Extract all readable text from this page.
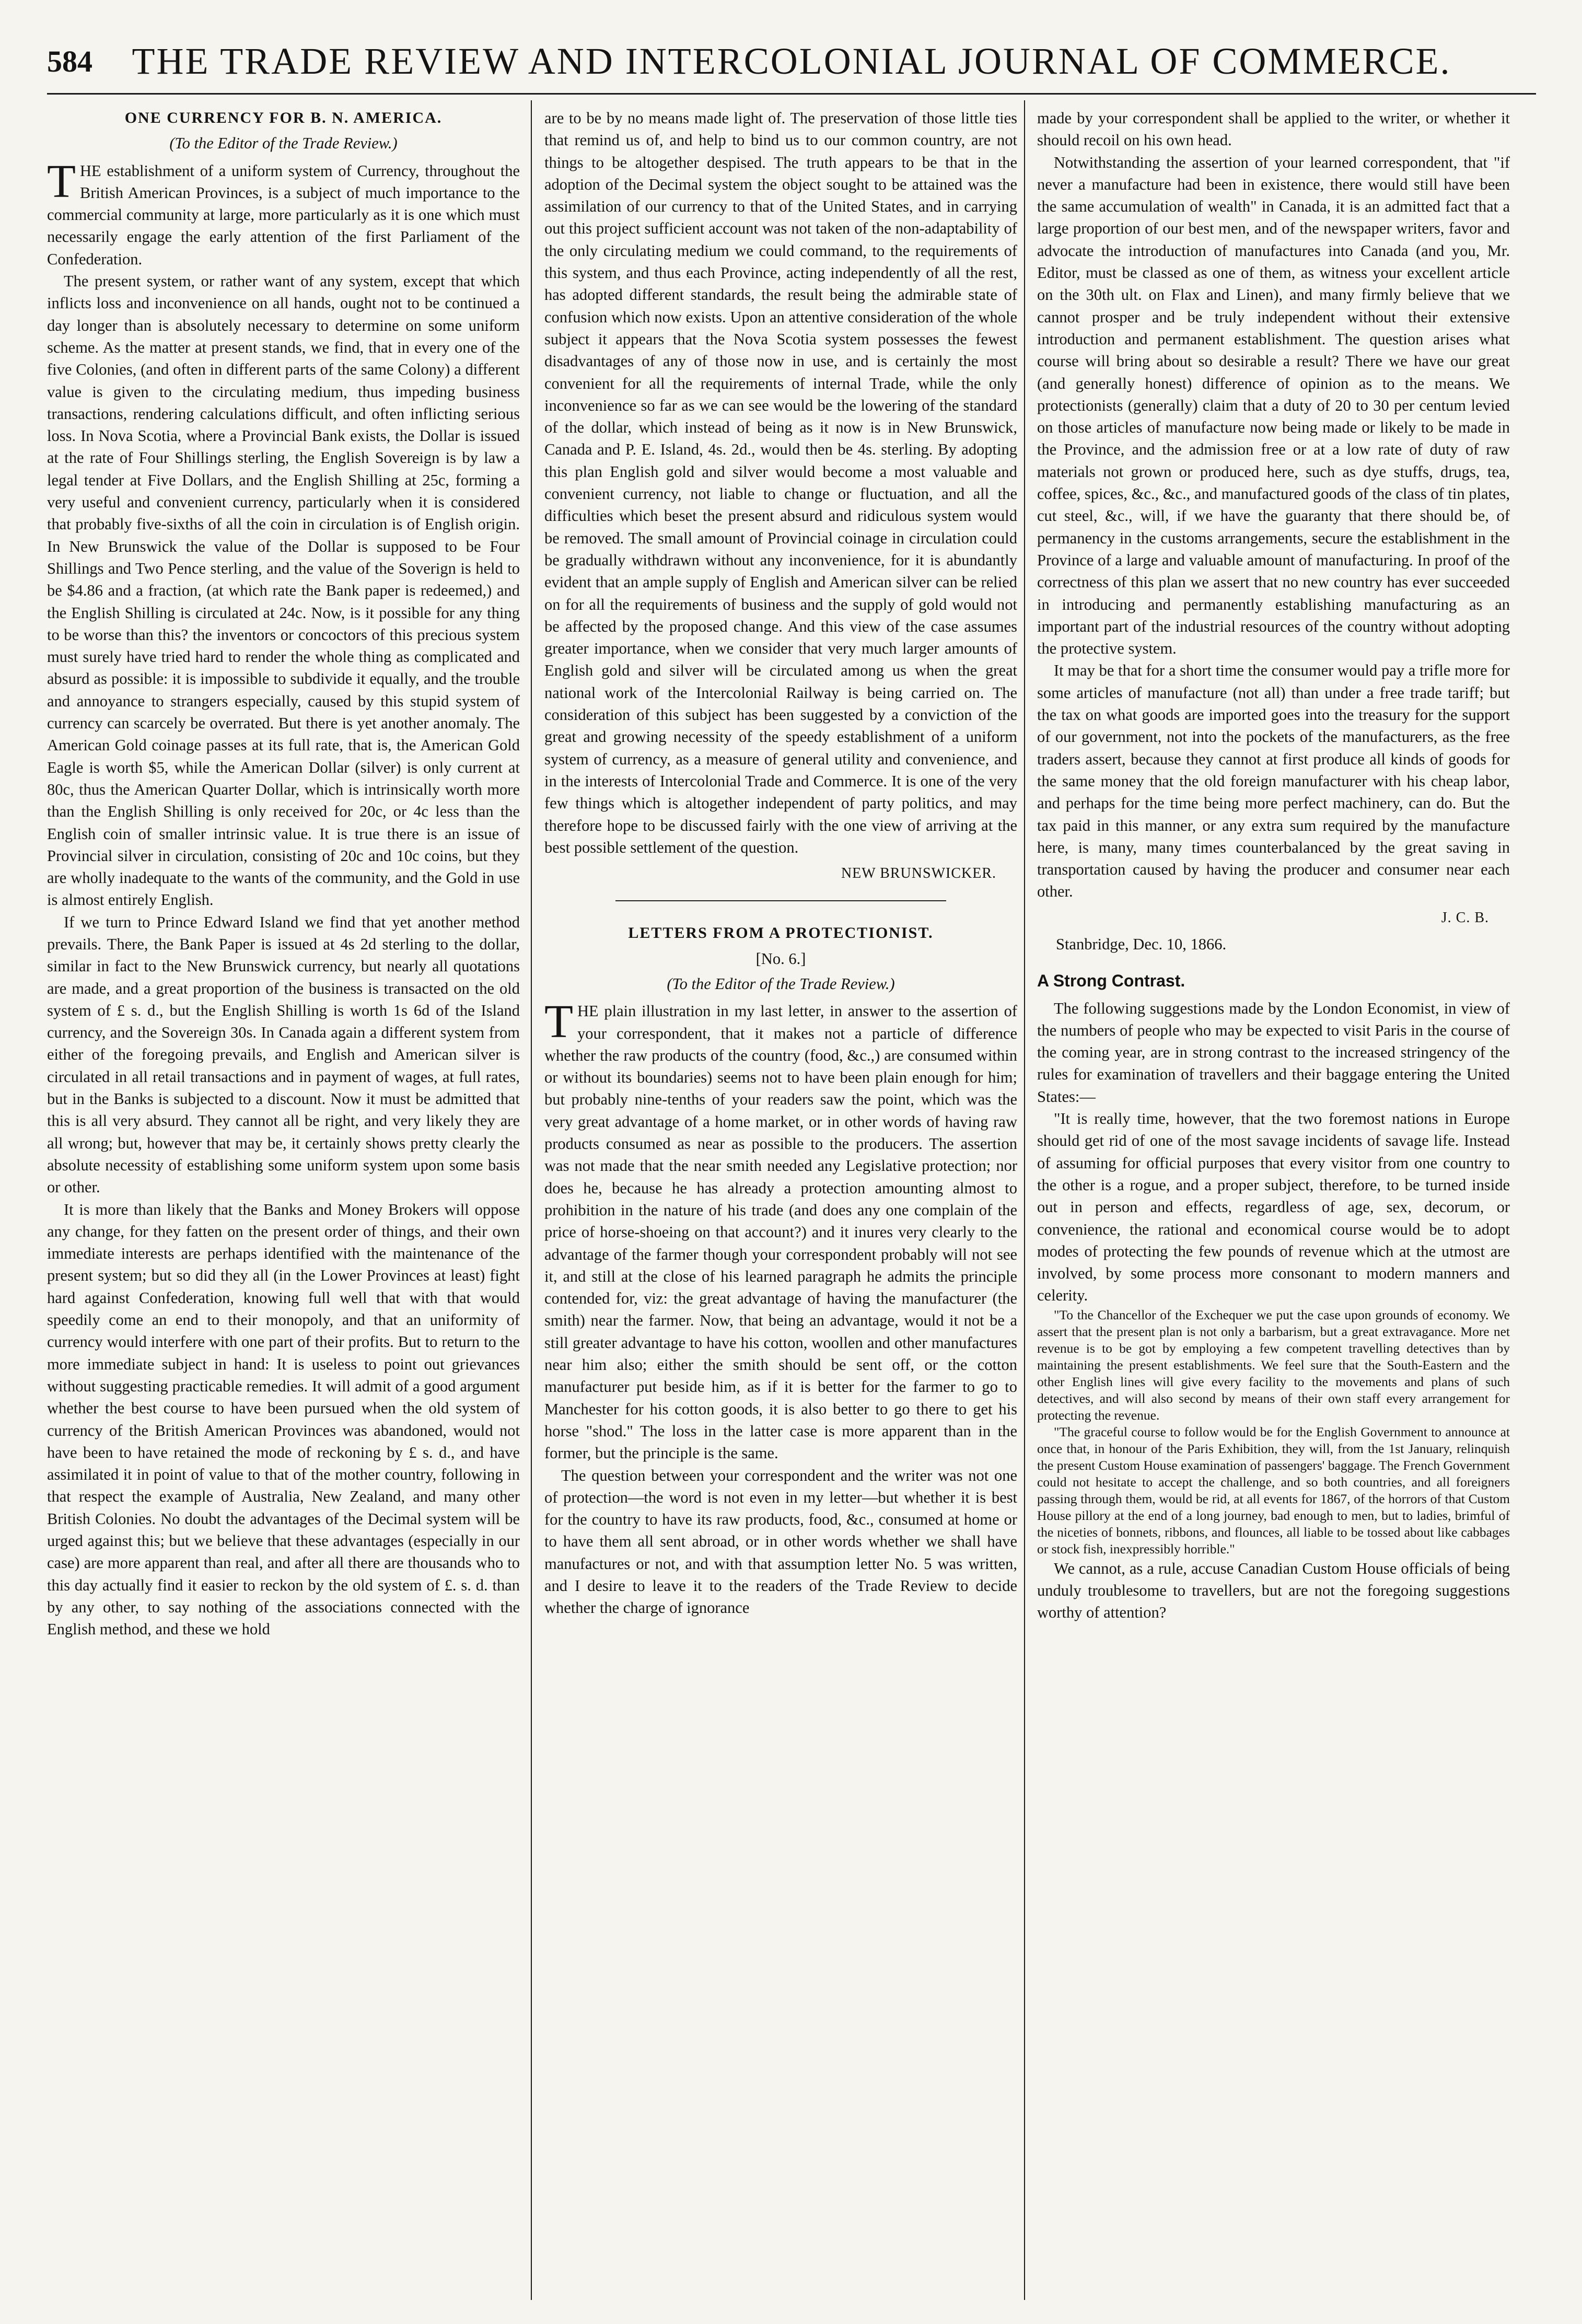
584	THE TRADE REVIEW AND INTERCOLONIAL JOURNAL OF COMMERCE.
ONE CURRENCY FOR B. N. AMERICA.
(To the Editor of the Trade Review.)

THE establishment of a uniform system of Currency, throughout the British American Provinces, is a subject of much importance to the commercial community at large, more particularly as it is one which must necessarily engage the early attention of the first Parliament of the Confederation.

The present system, or rather want of any system, except that which inflicts loss and inconvenience on all hands, ought not to be continued a day longer than is absolutely necessary to determine on some uniform scheme. As the matter at present stands, we find, that in every one of the five Colonies, (and often in different parts of the same Colony) a different value is given to the circulating medium, thus impeding business transactions, rendering calculations difficult, and often inflicting serious loss. In Nova Scotia, where a Provincial Bank exists, the Dollar is issued at the rate of Four Shillings sterling, the English Sovereign is by law a legal tender at Five Dollars, and the English Shilling at 25c, forming a very useful and convenient currency, particularly when it is considered that probably five-sixths of all the coin in circulation is of English origin. In New Brunswick the value of the Dollar is supposed to be Four Shillings and Two Pence sterling, and the value of the Soverign is held to be $4.86 and a fraction, (at which rate the Bank paper is redeemed,) and the English Shilling is circulated at 24c. Now, is it possible for any thing to be worse than this? the inventors or concoctors of this precious system must surely have tried hard to render the whole thing as complicated and absurd as possible: it is impossible to subdivide it equally, and the trouble and annoyance to strangers especially, caused by this stupid system of currency can scarcely be overrated. But there is yet another anomaly. The American Gold coinage passes at its full rate, that is, the American Gold Eagle is worth $5, while the American Dollar (silver) is only current at 80c, thus the American Quarter Dollar, which is intrinsically worth more than the English Shilling is only received for 20c, or 4c less than the English coin of smaller intrinsic value. It is true there is an issue of Provincial silver in circulation, consisting of 20c and 10c coins, but they are wholly inadequate to the wants of the community, and the Gold in use is almost entirely English.

If we turn to Prince Edward Island we find that yet another method prevails. There, the Bank Paper is issued at 4s 2d sterling to the dollar, similar in fact to the New Brunswick currency, but nearly all quotations are made, and a great proportion of the business is transacted on the old system of £ s. d., but the English Shilling is worth 1s 6d of the Island currency, and the Sovereign 30s. In Canada again a different system from either of the foregoing prevails, and English and American silver is circulated in all retail transactions and in payment of wages, at full rates, but in the Banks is subjected to a discount. Now it must be admitted that this is all very absurd. They cannot all be right, and very likely they are all wrong; but, however that may be, it certainly shows pretty clearly the absolute necessity of establishing some uniform system upon some basis or other.

It is more than likely that the Banks and Money Brokers will oppose any change, for they fatten on the present order of things, and their own immediate interests are perhaps identified with the maintenance of the present system; but so did they all (in the Lower Provinces at least) fight hard against Confederation, knowing full well that with that would speedily come an end to their monopoly, and that an uniformity of currency would interfere with one part of their profits. But to return to the more immediate subject in hand: It is useless to point out grievances without suggesting practicable remedies. It will admit of a good argument whether the best course to have been pursued when the old system of currency of the British American Provinces was abandoned, would not have been to have retained the mode of reckoning by £ s. d., and have assimilated it in point of value to that of the mother country, following in that respect the example of Australia, New Zealand, and many other British Colonies. No doubt the advantages of the Decimal system will be urged against this; but we believe that these advantages (especially in our case) are more apparent than real, and after all there are thousands who to this day actually find it easier to reckon by the old system of £. s. d. than by any other, to say nothing of the associations connected with the English method, and these we hold

are to be by no means made light of. The preservation of those little ties that remind us of, and help to bind us to our common country, are not things to be altogether despised. The truth appears to be that in the adoption of the Decimal system the object sought to be attained was the assimilation of our currency to that of the United States, and in carrying out this project sufficient account was not taken of the non-adaptability of the only circulating medium we could command, to the requirements of this system, and thus each Province, acting independently of all the rest, has adopted different standards, the result being the admirable state of confusion which now exists. Upon an attentive consideration of the whole subject it appears that the Nova Scotia system possesses the fewest disadvantages of any of those now in use, and is certainly the most convenient for all the requirements of internal Trade, while the only inconvenience so far as we can see would be the lowering of the standard of the dollar, which instead of being as it now is in New Brunswick, Canada and P. E. Island, 4s. 2d., would then be 4s. sterling. By adopting this plan English gold and silver would become a most valuable and convenient currency, not liable to change or fluctuation, and all the difficulties which beset the present absurd and ridiculous system would be removed. The small amount of Provincial coinage in circulation could be gradually withdrawn without any inconvenience, for it is abundantly evident that an ample supply of English and American silver can be relied on for all the requirements of business and the supply of gold would not be affected by the proposed change. And this view of the case assumes greater importance, when we consider that very much larger amounts of English gold and silver will be circulated among us when the great national work of the Intercolonial Railway is being carried on. The consideration of this subject has been suggested by a conviction of the great and growing necessity of the speedy establishment of a uniform system of currency, as a measure of general utility and convenience, and in the interests of Intercolonial Trade and Commerce. It is one of the very few things which is altogether independent of party politics, and may therefore hope to be discussed fairly with the one view of arriving at the best possible settlement of the question.

NEW BRUNSWICKER.
LETTERS FROM A PROTECTIONIST.
[No. 6.]
(To the Editor of the Trade Review.)

THE plain illustration in my last letter, in answer to the assertion of your correspondent, that it makes not a particle of difference whether the raw products of the country (food, &c.,) are consumed within or without its boundaries) seems not to have been plain enough for him; but probably nine-tenths of your readers saw the point, which was the very great advantage of a home market, or in other words of having raw products consumed as near as possible to the producers. The assertion was not made that the near smith needed any Legislative protection; nor does he, because he has already a protection amounting almost to prohibition in the nature of his trade (and does any one complain of the price of horse-shoeing on that account?) and it inures very clearly to the advantage of the farmer though your correspondent probably will not see it, and still at the close of his learned paragraph he admits the principle contended for, viz: the great advantage of having the manufacturer (the smith) near the farmer. Now, that being an advantage, would it not be a still greater advantage to have his cotton, woollen and other manufactures near him also; either the smith should be sent off, or the cotton manufacturer put beside him, as if it is better for the farmer to go to Manchester for his cotton goods, it is also better to go there to get his horse "shod." The loss in the latter case is more apparent than in the former, but the principle is the same.

The question between your correspondent and the writer was not one of protection—the word is not even in my letter—but whether it is best for the country to have its raw products, food, &c., consumed at home or to have them all sent abroad, or in other words whether we shall have manufactures or not, and with that assumption letter No. 5 was written, and I desire to leave it to the readers of the Trade Review to decide whether the charge of ignorance

made by your correspondent shall be applied to the writer, or whether it should recoil on his own head.

Notwithstanding the assertion of your learned correspondent, that "if never a manufacture had been in existence, there would still have been the same accumulation of wealth" in Canada, it is an admitted fact that a large proportion of our best men, and of the newspaper writers, favor and advocate the introduction of manufactures into Canada (and you, Mr. Editor, must be classed as one of them, as witness your excellent article on the 30th ult. on Flax and Linen), and many firmly believe that we cannot prosper and be truly independent without their extensive introduction and permanent establishment. The question arises what course will bring about so desirable a result? There we have our great (and generally honest) difference of opinion as to the means. We protectionists (generally) claim that a duty of 20 to 30 per centum levied on those articles of manufacture now being made or likely to be made in the Province, and the admission free or at a low rate of duty of raw materials not grown or produced here, such as dye stuffs, drugs, tea, coffee, spices, &c., &c., and manufactured goods of the class of tin plates, cut steel, &c., will, if we have the guaranty that there should be, of permanency in the customs arrangements, secure the establishment in the Province of a large and valuable amount of manufacturing. In proof of the correctness of this plan we assert that no new country has ever succeeded in introducing and permanently establishing manufacturing as an important part of the industrial resources of the country without adopting the protective system.

It may be that for a short time the consumer would pay a trifle more for some articles of manufacture (not all) than under a free trade tariff; but the tax on what goods are imported goes into the treasury for the support of our government, not into the pockets of the manufacturers, as the free traders assert, because they cannot at first produce all kinds of goods for the same money that the old foreign manufacturer with his cheap labor, and perhaps for the time being more perfect machinery, can do. But the tax paid in this manner, or any extra sum required by the manufacture here, is many, many times counterbalanced by the great saving in transportation caused by having the producer and consumer near each other.

J. C. B.
Stanbridge, Dec. 10, 1866.
A Strong Contrast.

The following suggestions made by the London Economist, in view of the numbers of people who may be expected to visit Paris in the course of the coming year, are in strong contrast to the increased stringency of the rules for examination of travellers and their baggage entering the United States:—

"It is really time, however, that the two foremost nations in Europe should get rid of one of the most savage incidents of savage life. Instead of assuming for official purposes that every visitor from one country to the other is a rogue, and a proper subject, therefore, to be turned inside out in person and effects, regardless of age, sex, decorum, or convenience, the rational and economical course would be to adopt modes of protecting the few pounds of revenue which at the utmost are involved, by some process more consonant to modern manners and celerity.

"To the Chancellor of the Exchequer we put the case upon grounds of economy. We assert that the present plan is not only a barbarism, but a great extravagance. More net revenue is to be got by employing a few competent travelling detectives than by maintaining the present establishments. We feel sure that the South-Eastern and the other English lines will give every facility to the movements and plans of such detectives, and will also second by means of their own staff every arrangement for protecting the revenue.

"The graceful course to follow would be for the English Government to announce at once that, in honour of the Paris Exhibition, they will, from the 1st January, relinquish the present Custom House examination of passengers' baggage. The French Government could not hesitate to accept the challenge, and so both countries, and all foreigners passing through them, would be rid, at all events for 1867, of the horrors of that Custom House pillory at the end of a long journey, bad enough to men, but to ladies, brimful of the niceties of bonnets, ribbons, and flounces, all liable to be tossed about like cabbages or stock fish, inexpressibly horrible."

We cannot, as a rule, accuse Canadian Custom House officials of being unduly troublesome to travellers, but are not the foregoing suggestions worthy of attention?
